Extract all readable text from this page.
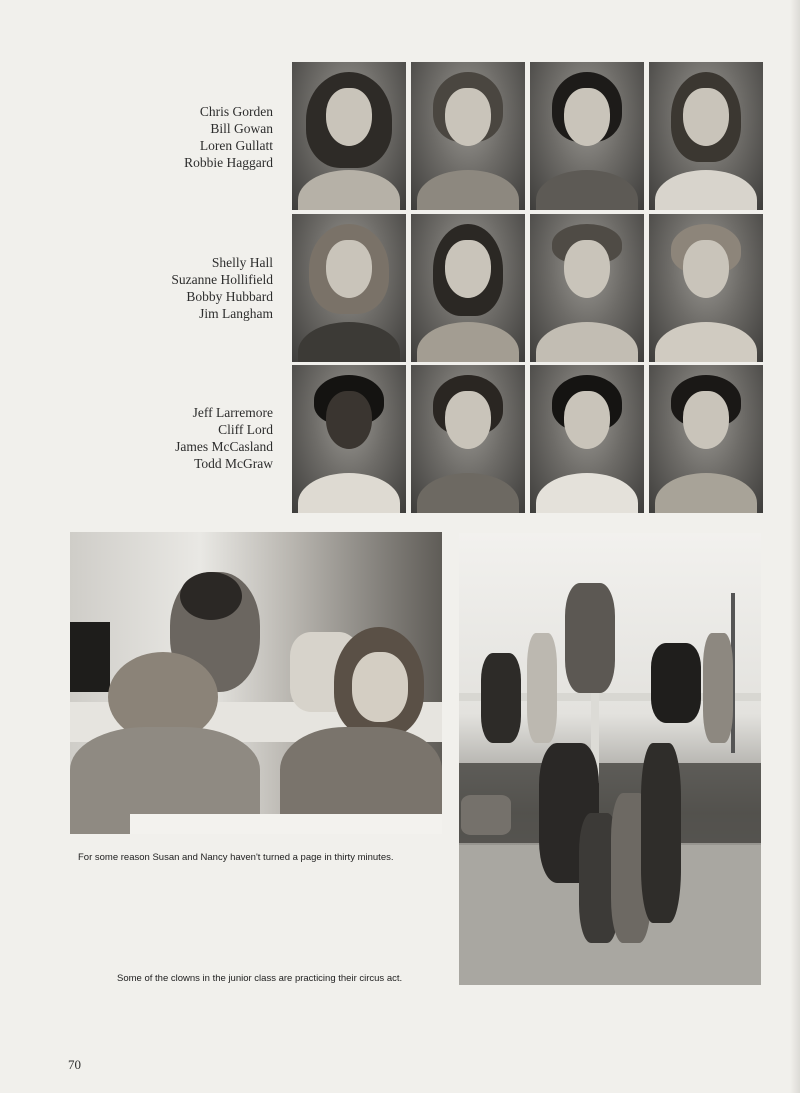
Chris Gorden
Bill Gowan
Loren Gullatt
Robbie Haggard
Shelly Hall
Suzanne Hollifield
Bobby Hubbard
Jim Langham
Jeff Larremore
Cliff Lord
James McCasland
Todd McGraw
For some reason Susan and Nancy haven't turned a page in thirty minutes.
Some of the clowns in the junior class are practicing their circus act.
70
